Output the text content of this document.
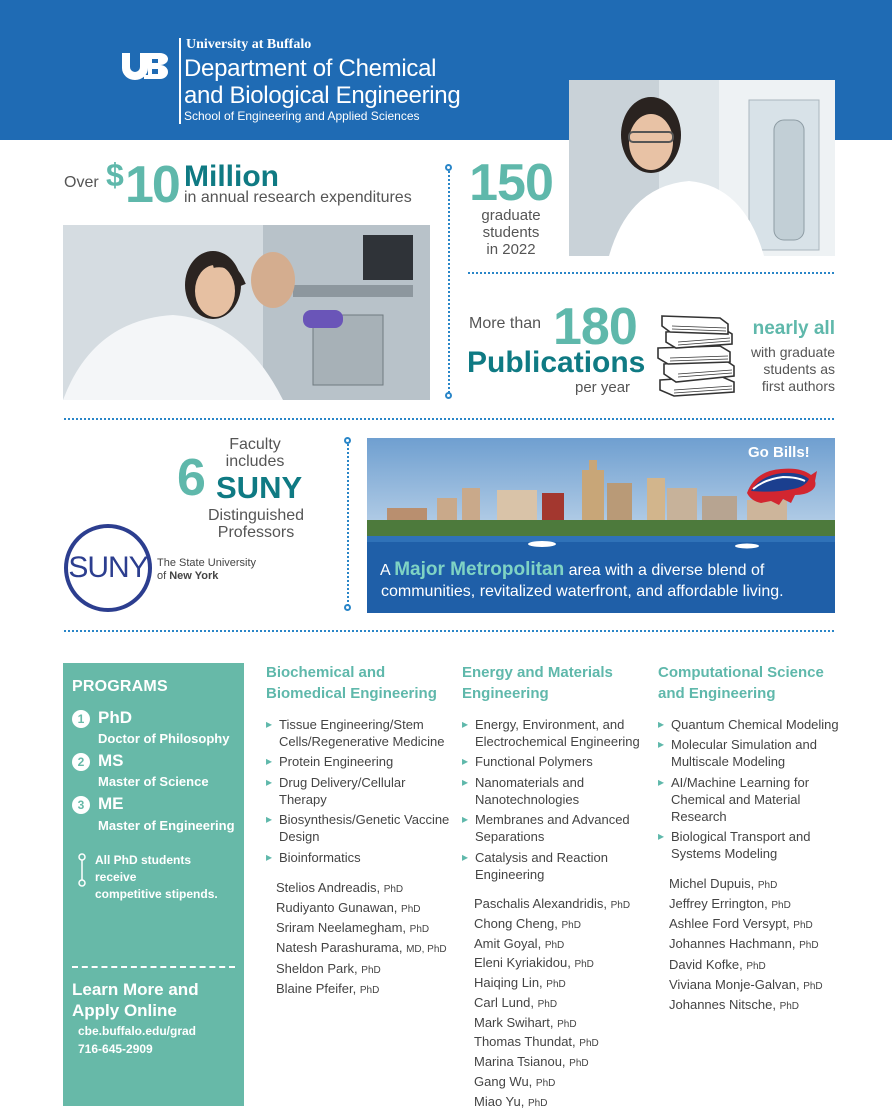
University at Buffalo
Department of Chemical
and Biological Engineering
School of Engineering and Applied Sciences
Over $ 10 Million
in annual research expenditures 150
graduate
students
in 2022
More than 180
Publications
per year
nearly all
with graduate
students as
first authors
Faculty
includes
6 SUNY
Distinguished
Professors
SUNY The State University
of New York
Go Bills!
A Major Metropolitan area with a diverse blend of
communities, revitalized waterfront, and affordable living.
PROGRAMS
1 PhD
Doctor of Philosophy
2 MS
Master of Science
3 ME
Master of Engineering
All PhD students receive
competitive stipends.
Learn More and
Apply Online
cbe.buffalo.edu/grad
716-645-2909
Biochemical and
Biomedical Engineering
▸ Tissue Engineering/Stem
Cells/Regenerative Medicine
▸ Protein Engineering
▸ Drug Delivery/Cellular
Therapy
▸ Biosynthesis/Genetic Vaccine
Design
▸ Bioinformatics
Stelios Andreadis, PhD
Rudiyanto Gunawan, PhD
Sriram Neelamegham, PhD
Natesh Parashurama, MD, PhD
Sheldon Park, PhD
Blaine Pfeifer, PhD
Energy and Materials
Engineering
▸ Energy, Environment, and
Electrochemical Engineering
▸ Functional Polymers
▸ Nanomaterials and
Nanotechnologies
▸ Membranes and Advanced
Separations
▸ Catalysis and Reaction
Engineering
Paschalis Alexandridis, PhD
Chong Cheng, PhD
Amit Goyal, PhD
Eleni Kyriakidou, PhD
Haiqing Lin, PhD
Carl Lund, PhD
Mark Swihart, PhD
Thomas Thundat, PhD
Marina Tsianou, PhD
Gang Wu, PhD
Miao Yu, PhD
Computational Science
and Engineering
▸ Quantum Chemical Modeling
▸ Molecular Simulation and
Multiscale Modeling
▸ AI/Machine Learning for
Chemical and Material
Research
▸ Biological Transport and
Systems Modeling
Michel Dupuis, PhD
Jeffrey Errington, PhD
Ashlee Ford Versypt, PhD
Johannes Hachmann, PhD
David Kofke, PhD
Viviana Monje-Galvan, PhD
Johannes Nitsche, PhD
